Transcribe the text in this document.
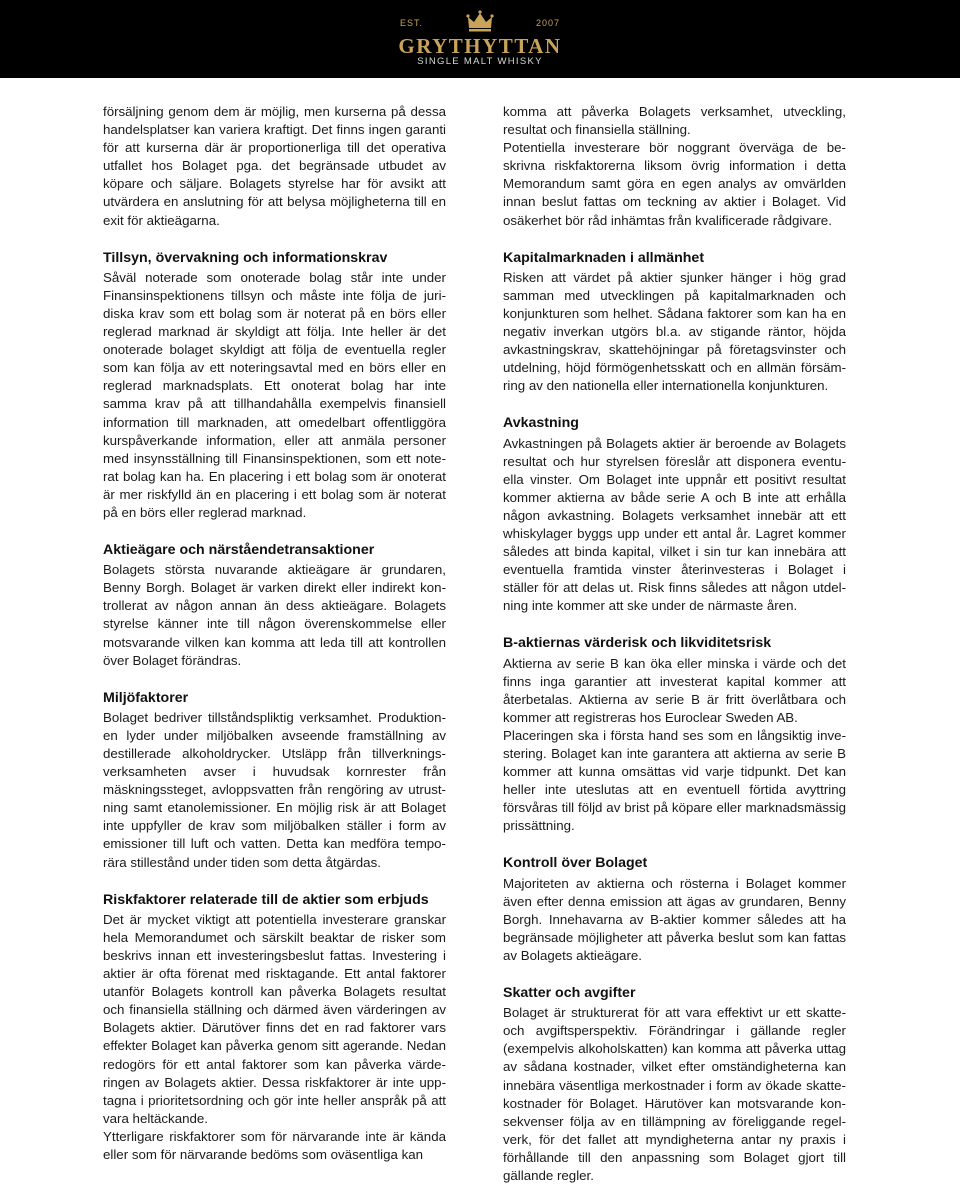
EST.	2007
GRYTHYTTAN
SINGLE MALT WHISKY

försäljning genom dem är möjlig, men kurserna på dessa handelsplatser kan variera kraftigt. Det finns ingen garanti för att kurserna där är proportionerliga till det operativa utfallet hos Bolaget pga. det begränsade utbudet av köpare och säljare. Bolagets styrelse har för avsikt att utvärdera en anslutning för att belysa möjligheterna till en exit för aktieägarna.

Tillsyn, övervakning och informationskrav

Såväl noterade som onoterade bolag står inte under Finansinspektionens tillsyn och måste inte följa de juri-diska krav som ett bolag som är noterat på en börs eller reglerad marknad är skyldigt att följa. Inte heller är det onoterade bolaget skyldigt att följa de eventuella regler som kan följa av ett noteringsavtal med en börs eller en reglerad marknadsplats. Ett onoterat bolag har inte samma krav på att tillhandahålla exempelvis finansiell information till marknaden, att omedelbart offentliggöra kurspåverkande information, eller att anmäla personer med insynsställning till Finansinspektionen, som ett note-rat bolag kan ha. En placering i ett bolag som är onoterat är mer riskfylld än en placering i ett bolag som är noterat på en börs eller reglerad marknad.

Aktieägare och närståendetransaktioner

Bolagets största nuvarande aktieägare är grundaren, Benny Borgh. Bolaget är varken direkt eller indirekt kon-trollerat av någon annan än dess aktieägare. Bolagets styrelse känner inte till någon överenskommelse eller motsvarande vilken kan komma att leda till att kontrollen över Bolaget förändras.

Miljöfaktorer

Bolaget bedriver tillståndspliktig verksamhet. Produktion-en lyder under miljöbalken avseende framställning av destillerade alkoholdrycker. Utsläpp från tillverknings-verksamheten avser i huvudsak kornrester från mäskningssteget, avloppsvatten från rengöring av utrust-ning samt etanolemissioner. En möjlig risk är att Bolaget inte uppfyller de krav som miljöbalken ställer i form av emissioner till luft och vatten. Detta kan medföra tempo-rära stillestånd under tiden som detta åtgärdas.

Riskfaktorer relaterade till de aktier som erbjuds

Det är mycket viktigt att potentiella investerare granskar hela Memorandumet och särskilt beaktar de risker som beskrivs innan ett investeringsbeslut fattas. Investering i aktier är ofta förenat med risktagande. Ett antal faktorer utanför Bolagets kontroll kan påverka Bolagets resultat och finansiella ställning och därmed även värderingen av Bolagets aktier. Därutöver finns det en rad faktorer vars effekter Bolaget kan påverka genom sitt agerande. Nedan redogörs för ett antal faktorer som kan påverka värde-ringen av Bolagets aktier. Dessa riskfaktorer är inte upp-tagna i prioritetsordning och gör inte heller anspråk på att vara heltäckande.

Ytterligare riskfaktorer som för närvarande inte är kända eller som för närvarande bedöms som oväsentliga kan

komma att påverka Bolagets verksamhet, utveckling, resultat och finansiella ställning.

Potentiella investerare bör noggrant överväga de be-skrivna riskfaktorerna liksom övrig information i detta Memorandum samt göra en egen analys av omvärlden innan beslut fattas om teckning av aktier i Bolaget. Vid osäkerhet bör råd inhämtas från kvalificerade rådgivare.

Kapitalmarknaden i allmänhet

Risken att värdet på aktier sjunker hänger i hög grad samman med utvecklingen på kapitalmarknaden och konjunkturen som helhet. Sådana faktorer som kan ha en negativ inverkan utgörs bl.a. av stigande räntor, höjda avkastningskrav, skattehöjningar på företagsvinster och utdelning, höjd förmögenhetsskatt och en allmän försäm-ring av den nationella eller internationella konjunkturen.

Avkastning

Avkastningen på Bolagets aktier är beroende av Bolagets resultat och hur styrelsen föreslår att disponera eventu-ella vinster. Om Bolaget inte uppnår ett positivt resultat kommer aktierna av både serie A och B inte att erhålla någon avkastning. Bolagets verksamhet innebär att ett whiskylager byggs upp under ett antal år. Lagret kommer således att binda kapital, vilket i sin tur kan innebära att eventuella framtida vinster återinvesteras i Bolaget i ställer för att delas ut. Risk finns således att någon utdel-ning inte kommer att ske under de närmaste åren.

B-aktiernas värderisk och likviditetsrisk

Aktierna av serie B kan öka eller minska i värde och det finns inga garantier att investerat kapital kommer att återbetalas. Aktierna av serie B är fritt överlåtbara och kommer att registreras hos Euroclear Sweden AB.

Placeringen ska i första hand ses som en långsiktig inve-stering. Bolaget kan inte garantera att aktierna av serie B kommer att kunna omsättas vid varje tidpunkt. Det kan heller inte uteslutas att en eventuell förtida avyttring försvåras till följd av brist på köpare eller marknadsmässig prissättning.

Kontroll över Bolaget

Majoriteten av aktierna och rösterna i Bolaget kommer även efter denna emission att ägas av grundaren, Benny Borgh. Innehavarna av B-aktier kommer således att ha begränsade möjligheter att påverka beslut som kan fattas av Bolagets aktieägare.

Skatter och avgifter

Bolaget är strukturerat för att vara effektivt ur ett skatte-och avgiftsperspektiv. Förändringar i gällande regler (exempelvis alkoholskatten) kan komma att påverka uttag av sådana kostnader, vilket efter omständigheterna kan innebära väsentliga merkostnader i form av ökade skatte-kostnader för Bolaget. Härutöver kan motsvarande kon-sekvenser följa av en tillämpning av föreliggande regel-verk, för det fallet att myndigheterna antar ny praxis i förhållande till den anpassning som Bolaget gjort till gällande regler.
